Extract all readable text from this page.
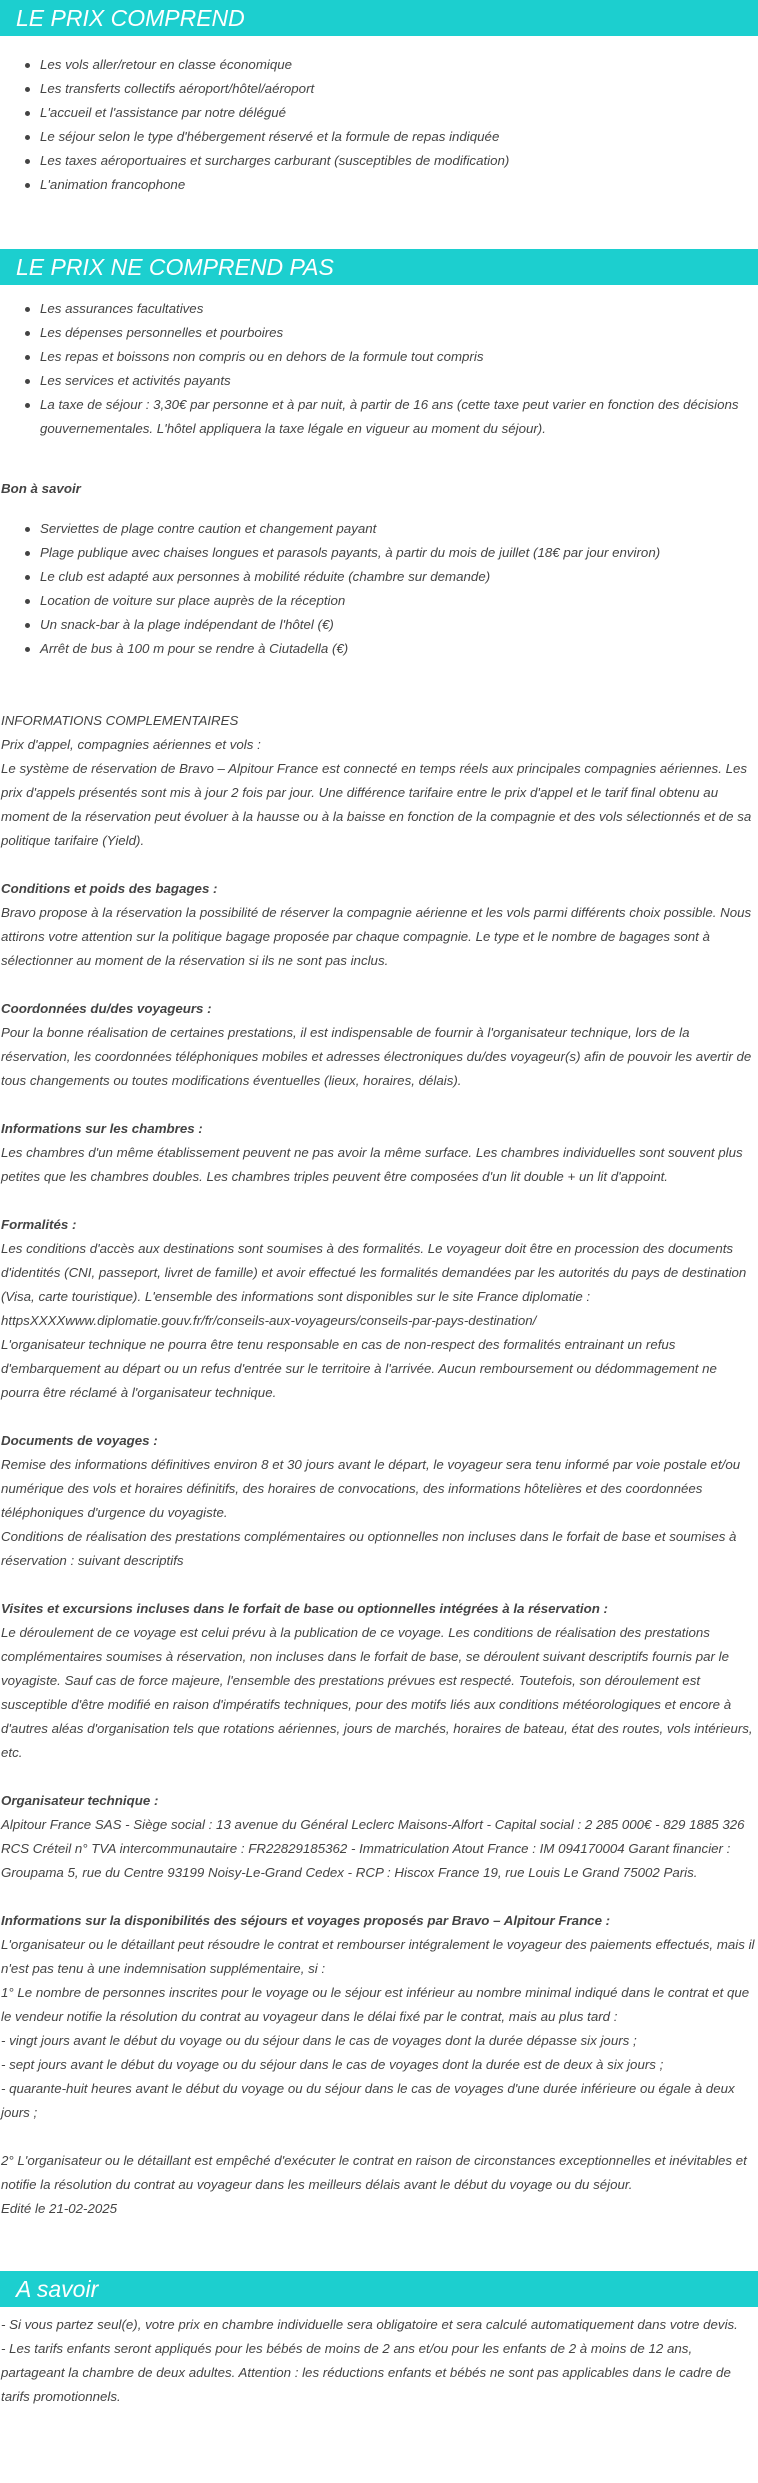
LE PRIX COMPREND
Les vols aller/retour en classe économique
Les transferts collectifs aéroport/hôtel/aéroport
L'accueil et l'assistance par notre délégué
Le séjour selon le type d'hébergement réservé et la formule de repas indiquée
Les taxes aéroportuaires et surcharges carburant (susceptibles de modification)
L'animation francophone
LE PRIX NE COMPREND PAS
Les assurances facultatives
Les dépenses personnelles et pourboires
Les repas et boissons non compris ou en dehors de la formule tout compris
Les services et activités payants
La taxe de séjour : 3,30€ par personne et à par nuit, à partir de 16 ans (cette taxe peut varier en fonction des décisions gouvernementales. L'hôtel appliquera la taxe légale en vigueur au moment du séjour).

Bon à savoir

Serviettes de plage contre caution et changement payant
Plage publique avec chaises longues et parasols payants, à partir du mois de juillet (18€ par jour environ)
Le club est adapté aux personnes à mobilité réduite (chambre sur demande)
Location de voiture sur place auprès de la réception
Un snack-bar à la plage indépendant de l'hôtel (€)
Arrêt de bus à 100 m pour se rendre à Ciutadella (€)

INFORMATIONS COMPLEMENTAIRES

Prix d'appel, compagnies aériennes et vols :

Le système de réservation de Bravo – Alpitour France est connecté en temps réels aux principales compagnies aériennes. Les prix d'appels présentés sont mis à jour 2 fois par jour. Une différence tarifaire entre le prix d'appel et le tarif final obtenu au moment de la réservation peut évoluer à la hausse ou à la baisse en fonction de la compagnie et des vols sélectionnés et de sa politique tarifaire (Yield).

Conditions et poids des bagages :

Bravo propose à la réservation la possibilité de réserver la compagnie aérienne et les vols parmi différents choix possible. Nous attirons votre attention sur la politique bagage proposée par chaque compagnie. Le type et le nombre de bagages sont à sélectionner au moment de la réservation si ils ne sont pas inclus.

Coordonnées du/des voyageurs :

Pour la bonne réalisation de certaines prestations, il est indispensable de fournir à l'organisateur technique, lors de la réservation, les coordonnées téléphoniques mobiles et adresses électroniques du/des voyageur(s) afin de pouvoir les avertir de tous changements ou toutes modifications éventuelles (lieux, horaires, délais).

Informations sur les chambres :

Les chambres d'un même établissement peuvent ne pas avoir la même surface. Les chambres individuelles sont souvent plus petites que les chambres doubles. Les chambres triples peuvent être composées d'un lit double + un lit d'appoint.

Formalités :

Les conditions d'accès aux destinations sont soumises à des formalités. Le voyageur doit être en procession des documents d'identités (CNI, passeport, livret de famille) et avoir effectué les formalités demandées par les autorités du pays de destination (Visa, carte touristique). L'ensemble des informations sont disponibles sur le site France diplomatie : httpsXXXXwww.diplomatie.gouv.fr/fr/conseils-aux-voyageurs/conseils-par-pays-destination/

L'organisateur technique ne pourra être tenu responsable en cas de non-respect des formalités entrainant un refus d'embarquement au départ ou un refus d'entrée sur le territoire à l'arrivée. Aucun remboursement ou dédommagement ne pourra être réclamé à l'organisateur technique.

Documents de voyages :

Remise des informations définitives environ 8 et 30 jours avant le départ, le voyageur sera tenu informé par voie postale et/ou numérique des vols et horaires définitifs, des horaires de convocations, des informations hôtelières et des coordonnées téléphoniques d'urgence du voyagiste.

Conditions de réalisation des prestations complémentaires ou optionnelles non incluses dans le forfait de base et soumises à réservation : suivant descriptifs

Visites et excursions incluses dans le forfait de base ou optionnelles intégrées à la réservation :

Le déroulement de ce voyage est celui prévu à la publication de ce voyage. Les conditions de réalisation des prestations complémentaires soumises à réservation, non incluses dans le forfait de base, se déroulent suivant descriptifs fournis par le voyagiste. Sauf cas de force majeure, l'ensemble des prestations prévues est respecté. Toutefois, son déroulement est susceptible d'être modifié en raison d'impératifs techniques, pour des motifs liés aux conditions météorologiques et encore à d'autres aléas d'organisation tels que rotations aériennes, jours de marchés, horaires de bateau, état des routes, vols intérieurs, etc.

Organisateur technique :

Alpitour France SAS - Siège social : 13 avenue du Général Leclerc Maisons-Alfort - Capital social : 2 285 000€ - 829 1885 326 RCS Créteil n° TVA intercommunautaire : FR22829185362 - Immatriculation Atout France : IM 094170004 Garant financier : Groupama 5, rue du Centre 93199 Noisy-Le-Grand Cedex - RCP : Hiscox France 19, rue Louis Le Grand 75002 Paris.

Informations sur la disponibilités des séjours et voyages proposés par Bravo – Alpitour France :

L'organisateur ou le détaillant peut résoudre le contrat et rembourser intégralement le voyageur des paiements effectués, mais il n'est pas tenu à une indemnisation supplémentaire, si :

1° Le nombre de personnes inscrites pour le voyage ou le séjour est inférieur au nombre minimal indiqué dans le contrat et que le vendeur notifie la résolution du contrat au voyageur dans le délai fixé par le contrat, mais au plus tard :

- vingt jours avant le début du voyage ou du séjour dans le cas de voyages dont la durée dépasse six jours ;

- sept jours avant le début du voyage ou du séjour dans le cas de voyages dont la durée est de deux à six jours ;

- quarante-huit heures avant le début du voyage ou du séjour dans le cas de voyages d'une durée inférieure ou égale à deux jours ;

2° L'organisateur ou le détaillant est empêché d'exécuter le contrat en raison de circonstances exceptionnelles et inévitables et notifie la résolution du contrat au voyageur dans les meilleurs délais avant le début du voyage ou du séjour.

Edité le 21-02-2025

A savoir

- Si vous partez seul(e), votre prix en chambre individuelle sera obligatoire et sera calculé automatiquement dans votre devis.

- Les tarifs enfants seront appliqués pour les bébés de moins de 2 ans et/ou pour les enfants de 2 à moins de 12 ans, partageant la chambre de deux adultes. Attention : les réductions enfants et bébés ne sont pas applicables dans le cadre de tarifs promotionnels.
